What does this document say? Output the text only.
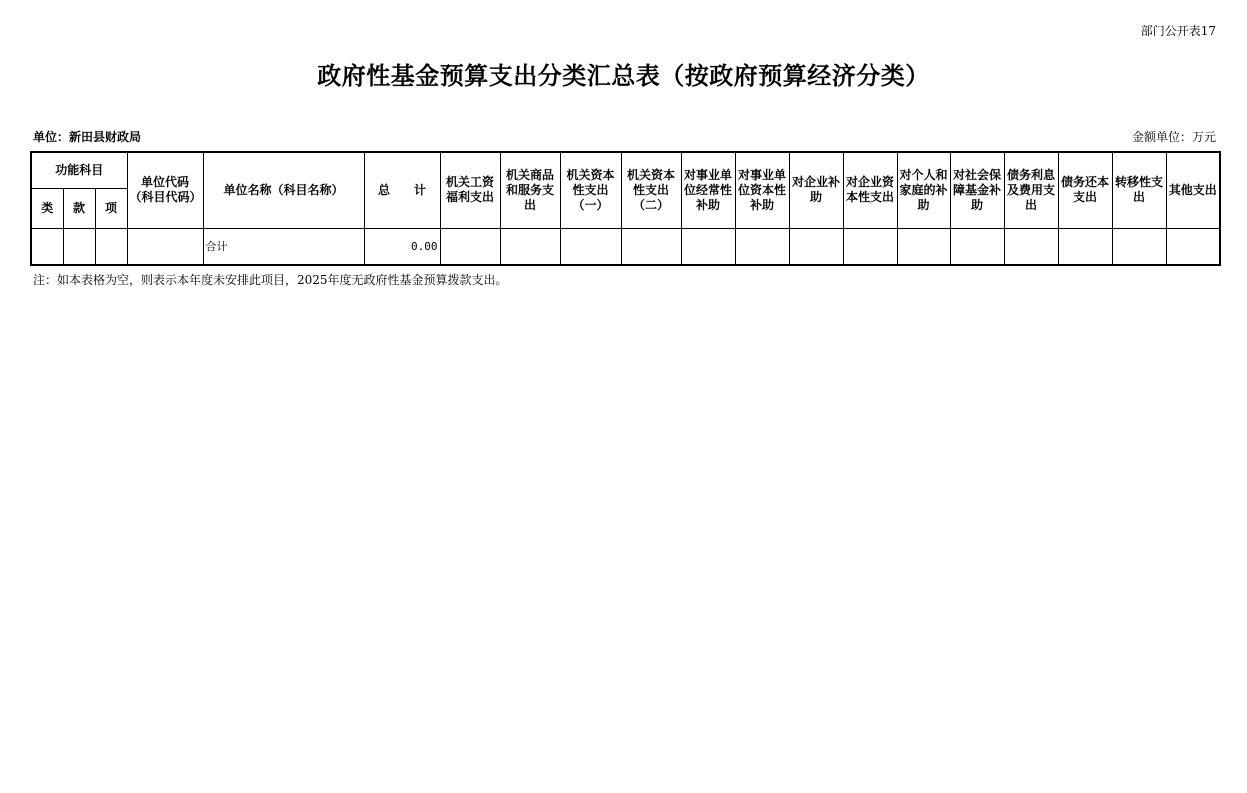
部门公开表17
政府性基金预算支出分类汇总表（按政府预算经济分类）
单位：新田县财政局	金额单位：万元
功能科目			单位代码（科目代码）	单位名称（科目名称）	总　　计	机关工资福利支出	机关商品和服务支出	机关资本性支出（一）	机关资本性支出（二）	对事业单位经常性补助	对事业单位资本性补助	对企业补助	对企业资本性支出	对个人和家庭的补助	对社会保障基金补助	债务利息及费用支出	债务还本支出	转移性支出	其他支出
类	款	项																	
				合计	0.00														
注：如本表格为空，则表示本年度未安排此项目，2025年度无政府性基金预算拨款支出。
